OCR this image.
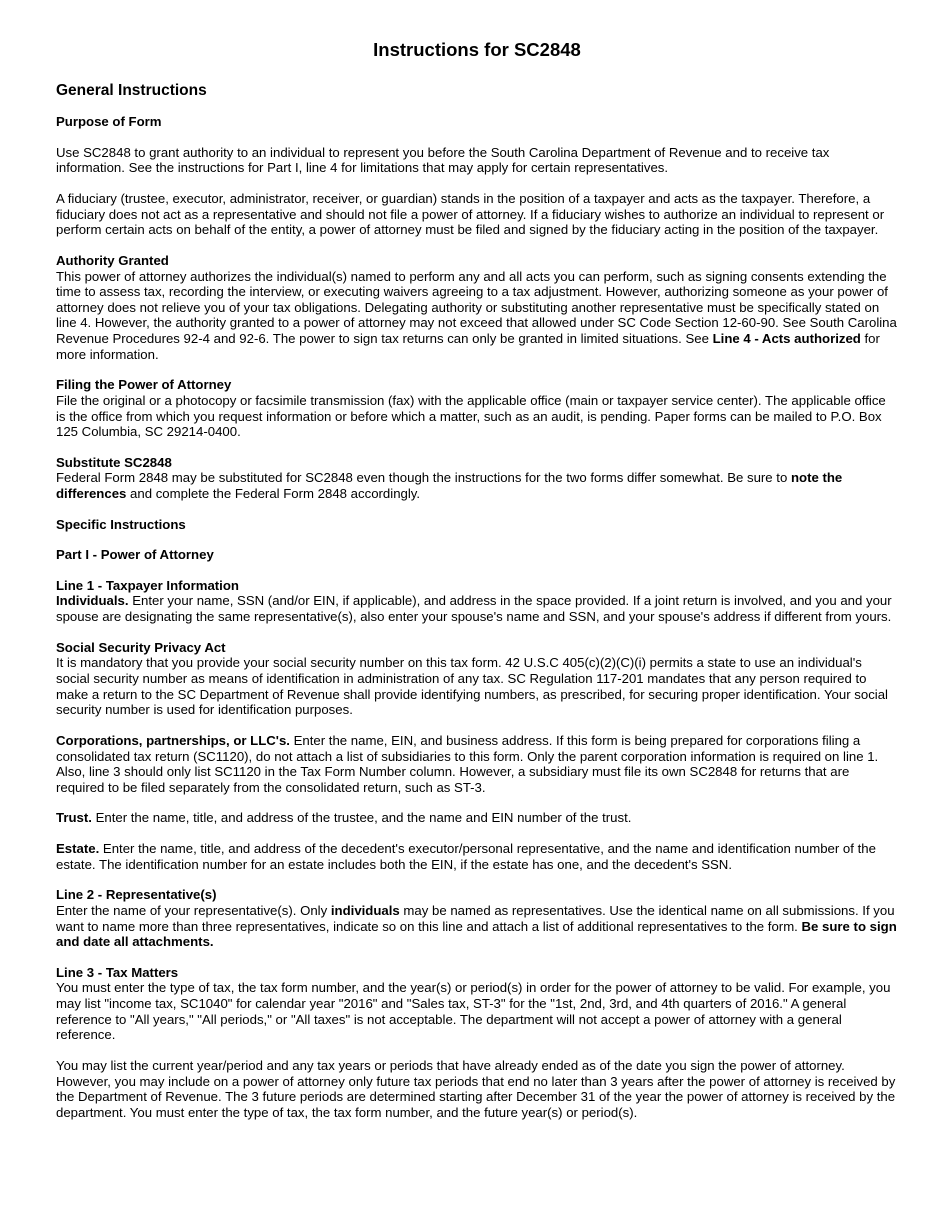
Instructions for SC2848
General Instructions
Purpose of Form

Use SC2848 to grant authority to an individual to represent you before the South Carolina Department of Revenue and to receive tax information. See the instructions for Part I, line 4 for limitations that may apply for certain representatives.

A fiduciary (trustee, executor, administrator, receiver, or guardian) stands in the position of a taxpayer and acts as the taxpayer. Therefore, a fiduciary does not act as a representative and should not file a power of attorney. If a fiduciary wishes to authorize an individual to represent or perform certain acts on behalf of the entity, a power of attorney must be filed and signed by the fiduciary acting in the position of the taxpayer.

Authority Granted

This power of attorney authorizes the individual(s) named to perform any and all acts you can perform, such as signing consents extending the time to assess tax, recording the interview, or executing waivers agreeing to a tax adjustment. However, authorizing someone as your power of attorney does not relieve you of your tax obligations. Delegating authority or substituting another representative must be specifically stated on line 4. However, the authority granted to a power of attorney may not exceed that allowed under SC Code Section 12-60-90. See South Carolina Revenue Procedures 92-4 and 92-6. The power to sign tax returns can only be granted in limited situations. See Line 4 - Acts authorized for more information.

Filing the Power of Attorney

File the original or a photocopy or facsimile transmission (fax) with the applicable office (main or taxpayer service center). The applicable office is the office from which you request information or before which a matter, such as an audit, is pending. Paper forms can be mailed to P.O. Box 125 Columbia, SC 29214-0400.

Substitute SC2848

Federal Form 2848 may be substituted for SC2848 even though the instructions for the two forms differ somewhat. Be sure to note the differences and complete the Federal Form 2848 accordingly.

Specific Instructions
Part I - Power of Attorney
Line 1 - Taxpayer Information

Individuals. Enter your name, SSN (and/or EIN, if applicable), and address in the space provided. If a joint return is involved, and you and your spouse are designating the same representative(s), also enter your spouse's name and SSN, and your spouse's address if different from yours.

Social Security Privacy Act

It is mandatory that you provide your social security number on this tax form. 42 U.S.C 405(c)(2)(C)(i) permits a state to use an individual's social security number as means of identification in administration of any tax. SC Regulation 117-201 mandates that any person required to make a return to the SC Department of Revenue shall provide identifying numbers, as prescribed, for securing proper identification. Your social security number is used for identification purposes.

Corporations, partnerships, or LLC's. Enter the name, EIN, and business address. If this form is being prepared for corporations filing a consolidated tax return (SC1120), do not attach a list of subsidiaries to this form. Only the parent corporation information is required on line 1. Also, line 3 should only list SC1120 in the Tax Form Number column. However, a subsidiary must file its own SC2848 for returns that are required to be filed separately from the consolidated return, such as ST-3.

Trust. Enter the name, title, and address of the trustee, and the name and EIN number of the trust.

Estate. Enter the name, title, and address of the decedent's executor/personal representative, and the name and identification number of the estate. The identification number for an estate includes both the EIN, if the estate has one, and the decedent's SSN.

Line 2 - Representative(s)

Enter the name of your representative(s). Only individuals may be named as representatives. Use the identical name on all submissions. If you want to name more than three representatives, indicate so on this line and attach a list of additional representatives to the form. Be sure to sign and date all attachments.

Line 3 - Tax Matters

You must enter the type of tax, the tax form number, and the year(s) or period(s) in order for the power of attorney to be valid. For example, you may list "income tax, SC1040" for calendar year "2016" and "Sales tax, ST-3" for the "1st, 2nd, 3rd, and 4th quarters of 2016." A general reference to "All years," "All periods," or "All taxes" is not acceptable. The department will not accept a power of attorney with a general reference.

You may list the current year/period and any tax years or periods that have already ended as of the date you sign the power of attorney. However, you may include on a power of attorney only future tax periods that end no later than 3 years after the power of attorney is received by the Department of Revenue. The 3 future periods are determined starting after December 31 of the year the power of attorney is received by the department. You must enter the type of tax, the tax form number, and the future year(s) or period(s).
